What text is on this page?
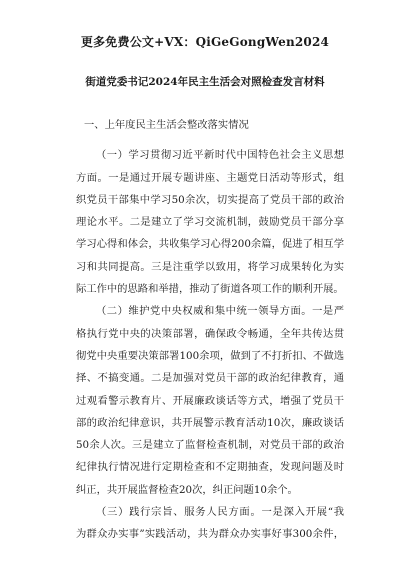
更多免费公文+VX：QiGeGongWen2024
街道党委书记2024年民主生活会对照检查发言材料
一、上年度民主生活会整改落实情况
（一）学习贯彻习近平新时代中国特色社会主义思想
方面。一是通过开展专题讲座、主题党日活动等形式，组
织党员干部集中学习50余次，切实提高了党员干部的政治
理论水平。二是建立了学习交流机制，鼓励党员干部分享
学习心得和体会，共收集学习心得200余篇，促进了相互学
习和共同提高。三是注重学以致用，将学习成果转化为实
际工作中的思路和举措，推动了街道各项工作的顺利开展。
（二）维护党中央权威和集中统一领导方面。一是严
格执行党中央的决策部署，确保政令畅通，全年共传达贯
彻党中央重要决策部署100余项，做到了不打折扣、不做选
择、不搞变通。二是加强对党员干部的政治纪律教育，通
过观看警示教育片、开展廉政谈话等方式，增强了党员干
部的政治纪律意识，共开展警示教育活动10次，廉政谈话
50余人次。三是建立了监督检查机制，对党员干部的政治
纪律执行情况进行定期检查和不定期抽查，发现问题及时
纠正，共开展监督检查20次，纠正问题10余个。
（三）践行宗旨、服务人民方面。一是深入开展“我
为群众办实事”实践活动，共为群众办实事好事300余件，
